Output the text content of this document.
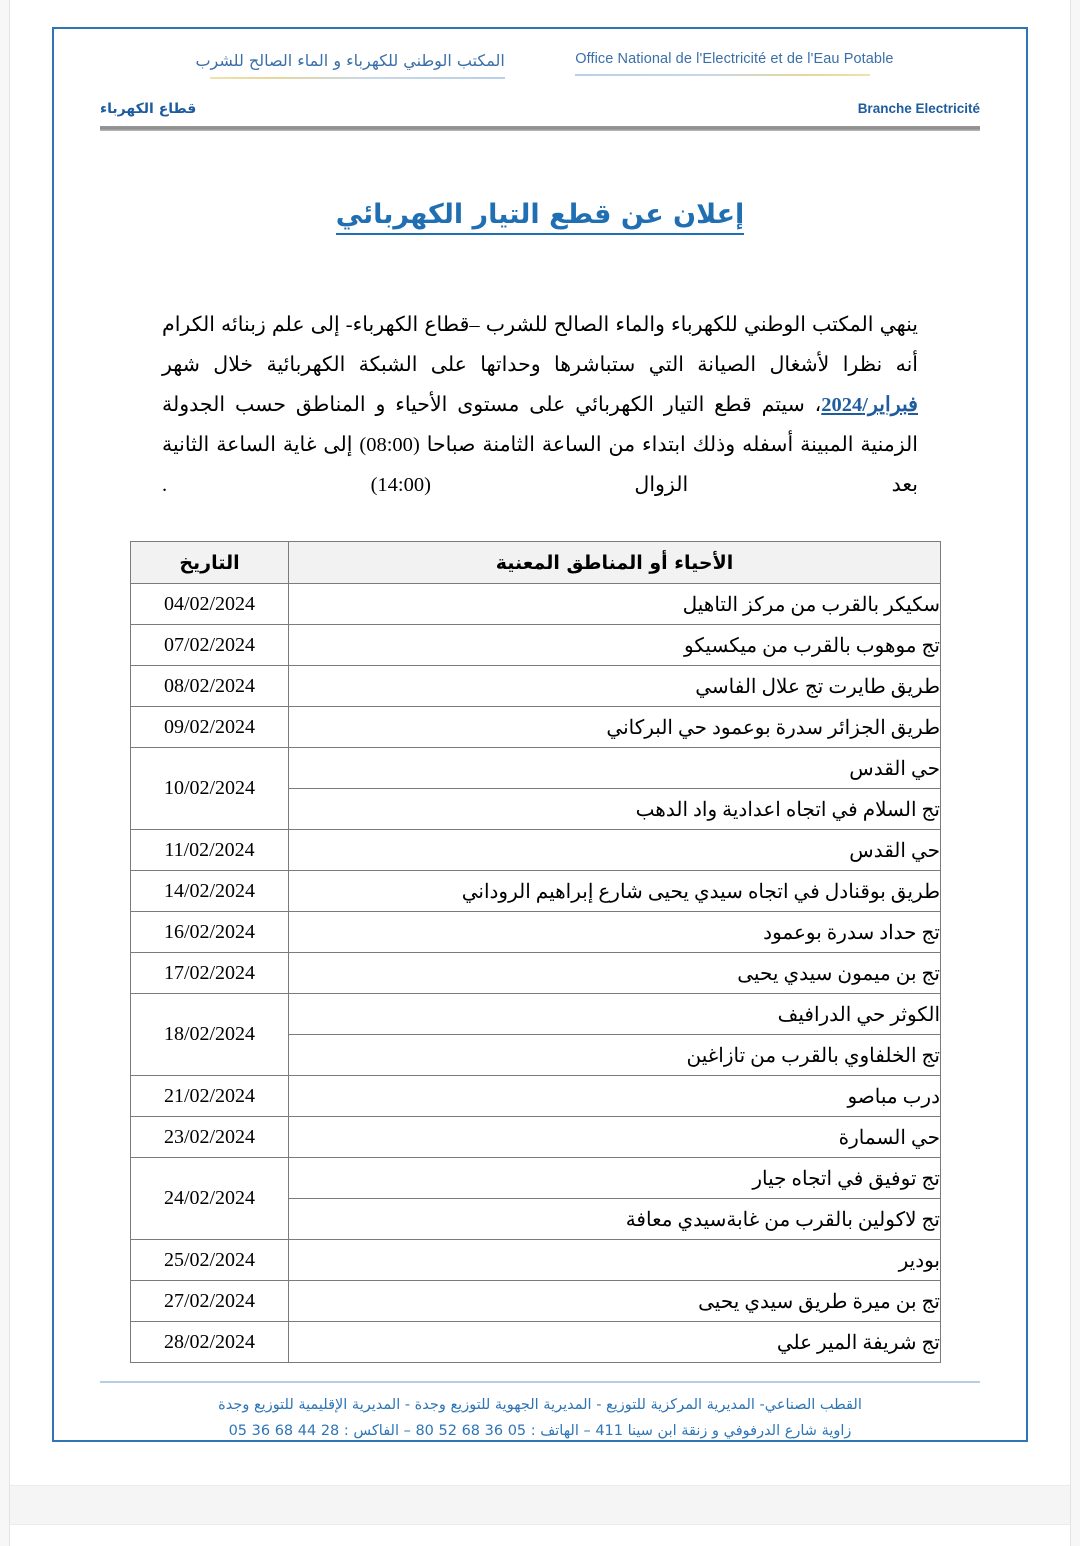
Office National de l'Electricité et de l'Eau Potable
المكتب الوطني للكهرباء و الماء الصالح للشرب
Branche Electricité
قطاع الكهرباء
إعلان عن قطع التيار الكهربائي
ينهي المكتب الوطني للكهرباء والماء الصالح للشرب –قطاع الكهرباء- إلى علم زبنائه الكرام أنه نظرا لأشغال الصيانة التي ستباشرها وحداتها على الشبكة الكهربائية خلال شهر فبراير/2024، سيتم قطع التيار الكهربائي على مستوى الأحياء و المناطق حسب الجدولة الزمنية المبينة أسفله وذلك ابتداء من الساعة الثامنة صباحا (08:00) إلى غاية الساعة الثانية بعد الزوال (14:00) .
الأحياء أو المناطق المعنية	التاريخ
سكيكر بالقرب من مركز التاهيل	04/02/2024
تج موهوب بالقرب من ميكسيكو	07/02/2024
طريق طايرت تج علال الفاسي	08/02/2024
طريق الجزائر سدرة بوعمود حي البركاني	09/02/2024
حي القدس	10/02/2024
تج السلام في اتجاه اعدادية واد الدهب	
حي القدس	11/02/2024
طريق بوقنادل في اتجاه سيدي يحيى شارع إبراهيم الروداني	14/02/2024
تج حداد سدرة بوعمود	16/02/2024
تج بن ميمون سيدي يحيى	17/02/2024
الكوثر حي الدرافيف	18/02/2024
تج الخلفاوي بالقرب من تازاغين	
درب مباصو	21/02/2024
حي السمارة	23/02/2024
تج توفيق في اتجاه جيار	24/02/2024
تج لاكولين بالقرب من غابةسيدي معافة	
بودير	25/02/2024
تج بن ميرة طريق سيدي يحيى	27/02/2024
تج شريفة المير علي	28/02/2024
القطب الصناعي- المديرية المركزية للتوزيع - المديرية الجهوية للتوزيع وجدة - المديرية الإقليمية للتوزيع وجدة
زاوية شارع الدرفوفي و زنقة ابن سينا 411 – الهاتف : 05 36 68 52 80 – الفاكس : 28 44 68 36 05
